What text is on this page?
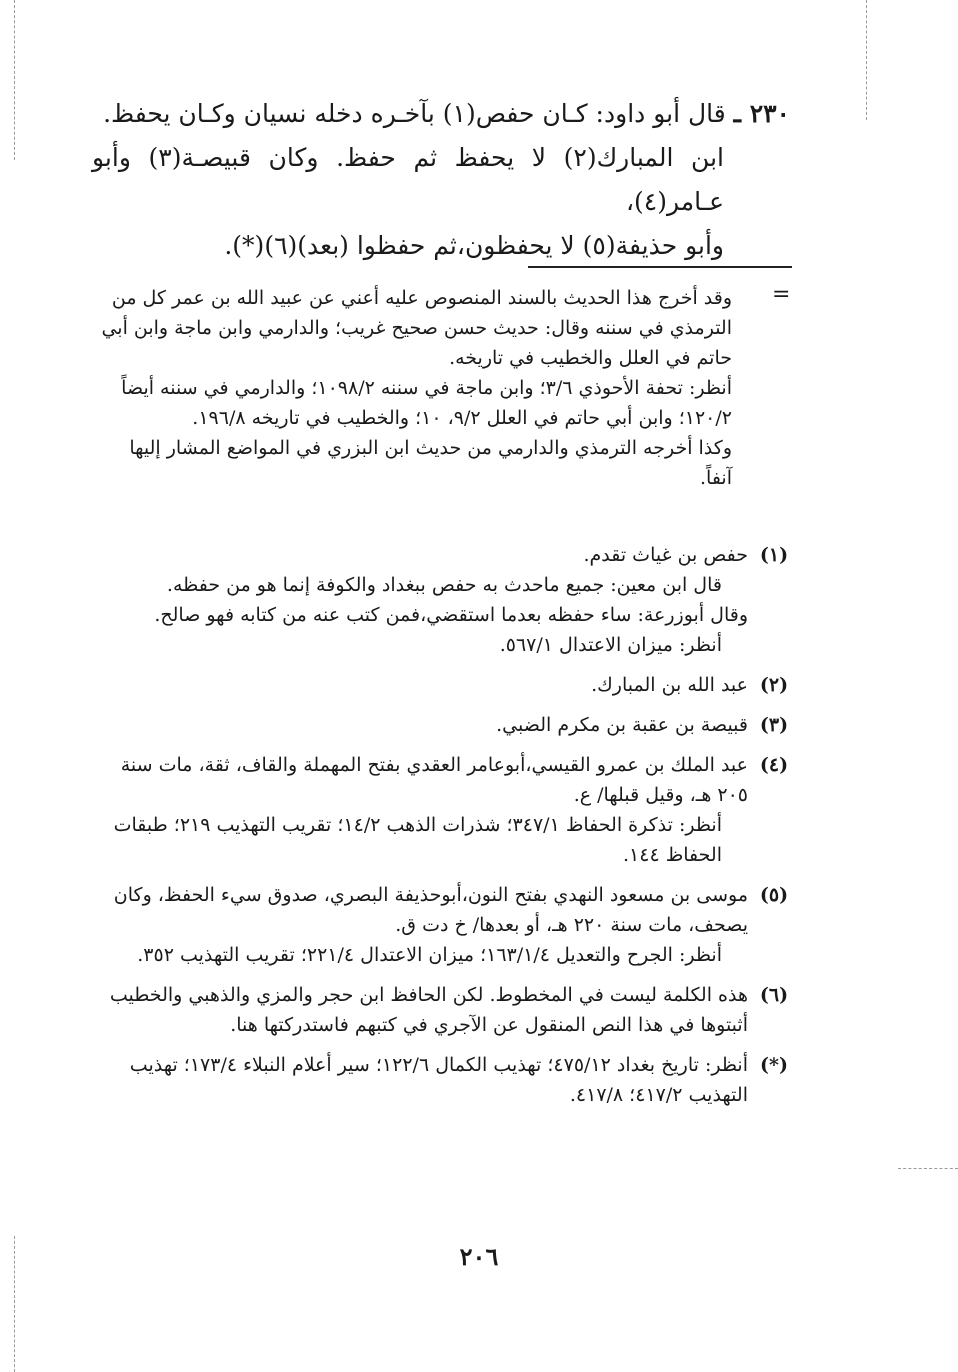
٢٣٠ ـ قال أبو داود: كـان حفص(١) بآخـره دخله نسيان وكـان يحفظ.
ابن المبارك(٢) لا يحفظ ثم حفظ. وكان قبيصـة(٣) وأبو عـامر(٤)،
وأبو حذيفة(٥) لا يحفظون،ثم حفظوا (بعد)(٦)(*).
=

وقد أخرج هذا الحديث بالسند المنصوص عليه أعني عن عبيد الله بن عمر كل من الترمذي في سننه وقال: حديث حسن صحيح غريب؛ والدارمي وابن ماجة وابن أبي حاتم في العلل والخطيب في تاريخه.

أنظر: تحفة الأحوذي ٣/٦؛ وابن ماجة في سننه ١٠٩٨/٢؛ والدارمي في سننه أيضاً ١٢٠/٢؛ وابن أبي حاتم في العلل ٩/٢، ١٠؛ والخطيب في تاريخه ١٩٦/٨.

وكذا أخرجه الترمذي والدارمي من حديث ابن البزري في المواضع المشار إليها آنفاً.

(١)

حفص بن غياث تقدم.

قال ابن معين: جميع ماحدث به حفص ببغداد والكوفة إنما هو من حفظه.

وقال أبوزرعة: ساء حفظه بعدما استقضي،فمن كتب عنه من كتابه فهو صالح.

أنظر: ميزان الاعتدال ٥٦٧/١.

(٢)

عبد الله بن المبارك.

(٣)

قبيصة بن عقبة بن مكرم الضبي.

(٤)

عبد الملك بن عمرو القيسي،أبوعامر العقدي بفتح المهملة والقاف، ثقة، مات سنة ٢٠٥ هـ، وقيل قبلها/ ع.

أنظر: تذكرة الحفاظ ٣٤٧/١؛ شذرات الذهب ١٤/٢؛ تقريب التهذيب ٢١٩؛ طبقات الحفاظ ١٤٤.

(٥)

موسى بن مسعود النهدي بفتح النون،أبوحذيفة البصري، صدوق سيء الحفظ، وكان يصحف، مات سنة ٢٢٠ هـ، أو بعدها/ خ دت ق.

أنظر: الجرح والتعديل ١٦٣/١/٤؛ ميزان الاعتدال ٢٢١/٤؛ تقريب التهذيب ٣٥٢.

(٦)

هذه الكلمة ليست في المخطوط. لكن الحافظ ابن حجر والمزي والذهبي والخطيب أثبتوها في هذا النص المنقول عن الآجري في كتبهم فاستدركتها هنا.

(*)

أنظر: تاريخ بغداد ٤٧٥/١٢؛ تهذيب الكمال ١٢٢/٦؛ سير أعلام النبلاء ١٧٣/٤؛ تهذيب التهذيب ٤١٧/٢؛ ٤١٧/٨.

٢٠٦
